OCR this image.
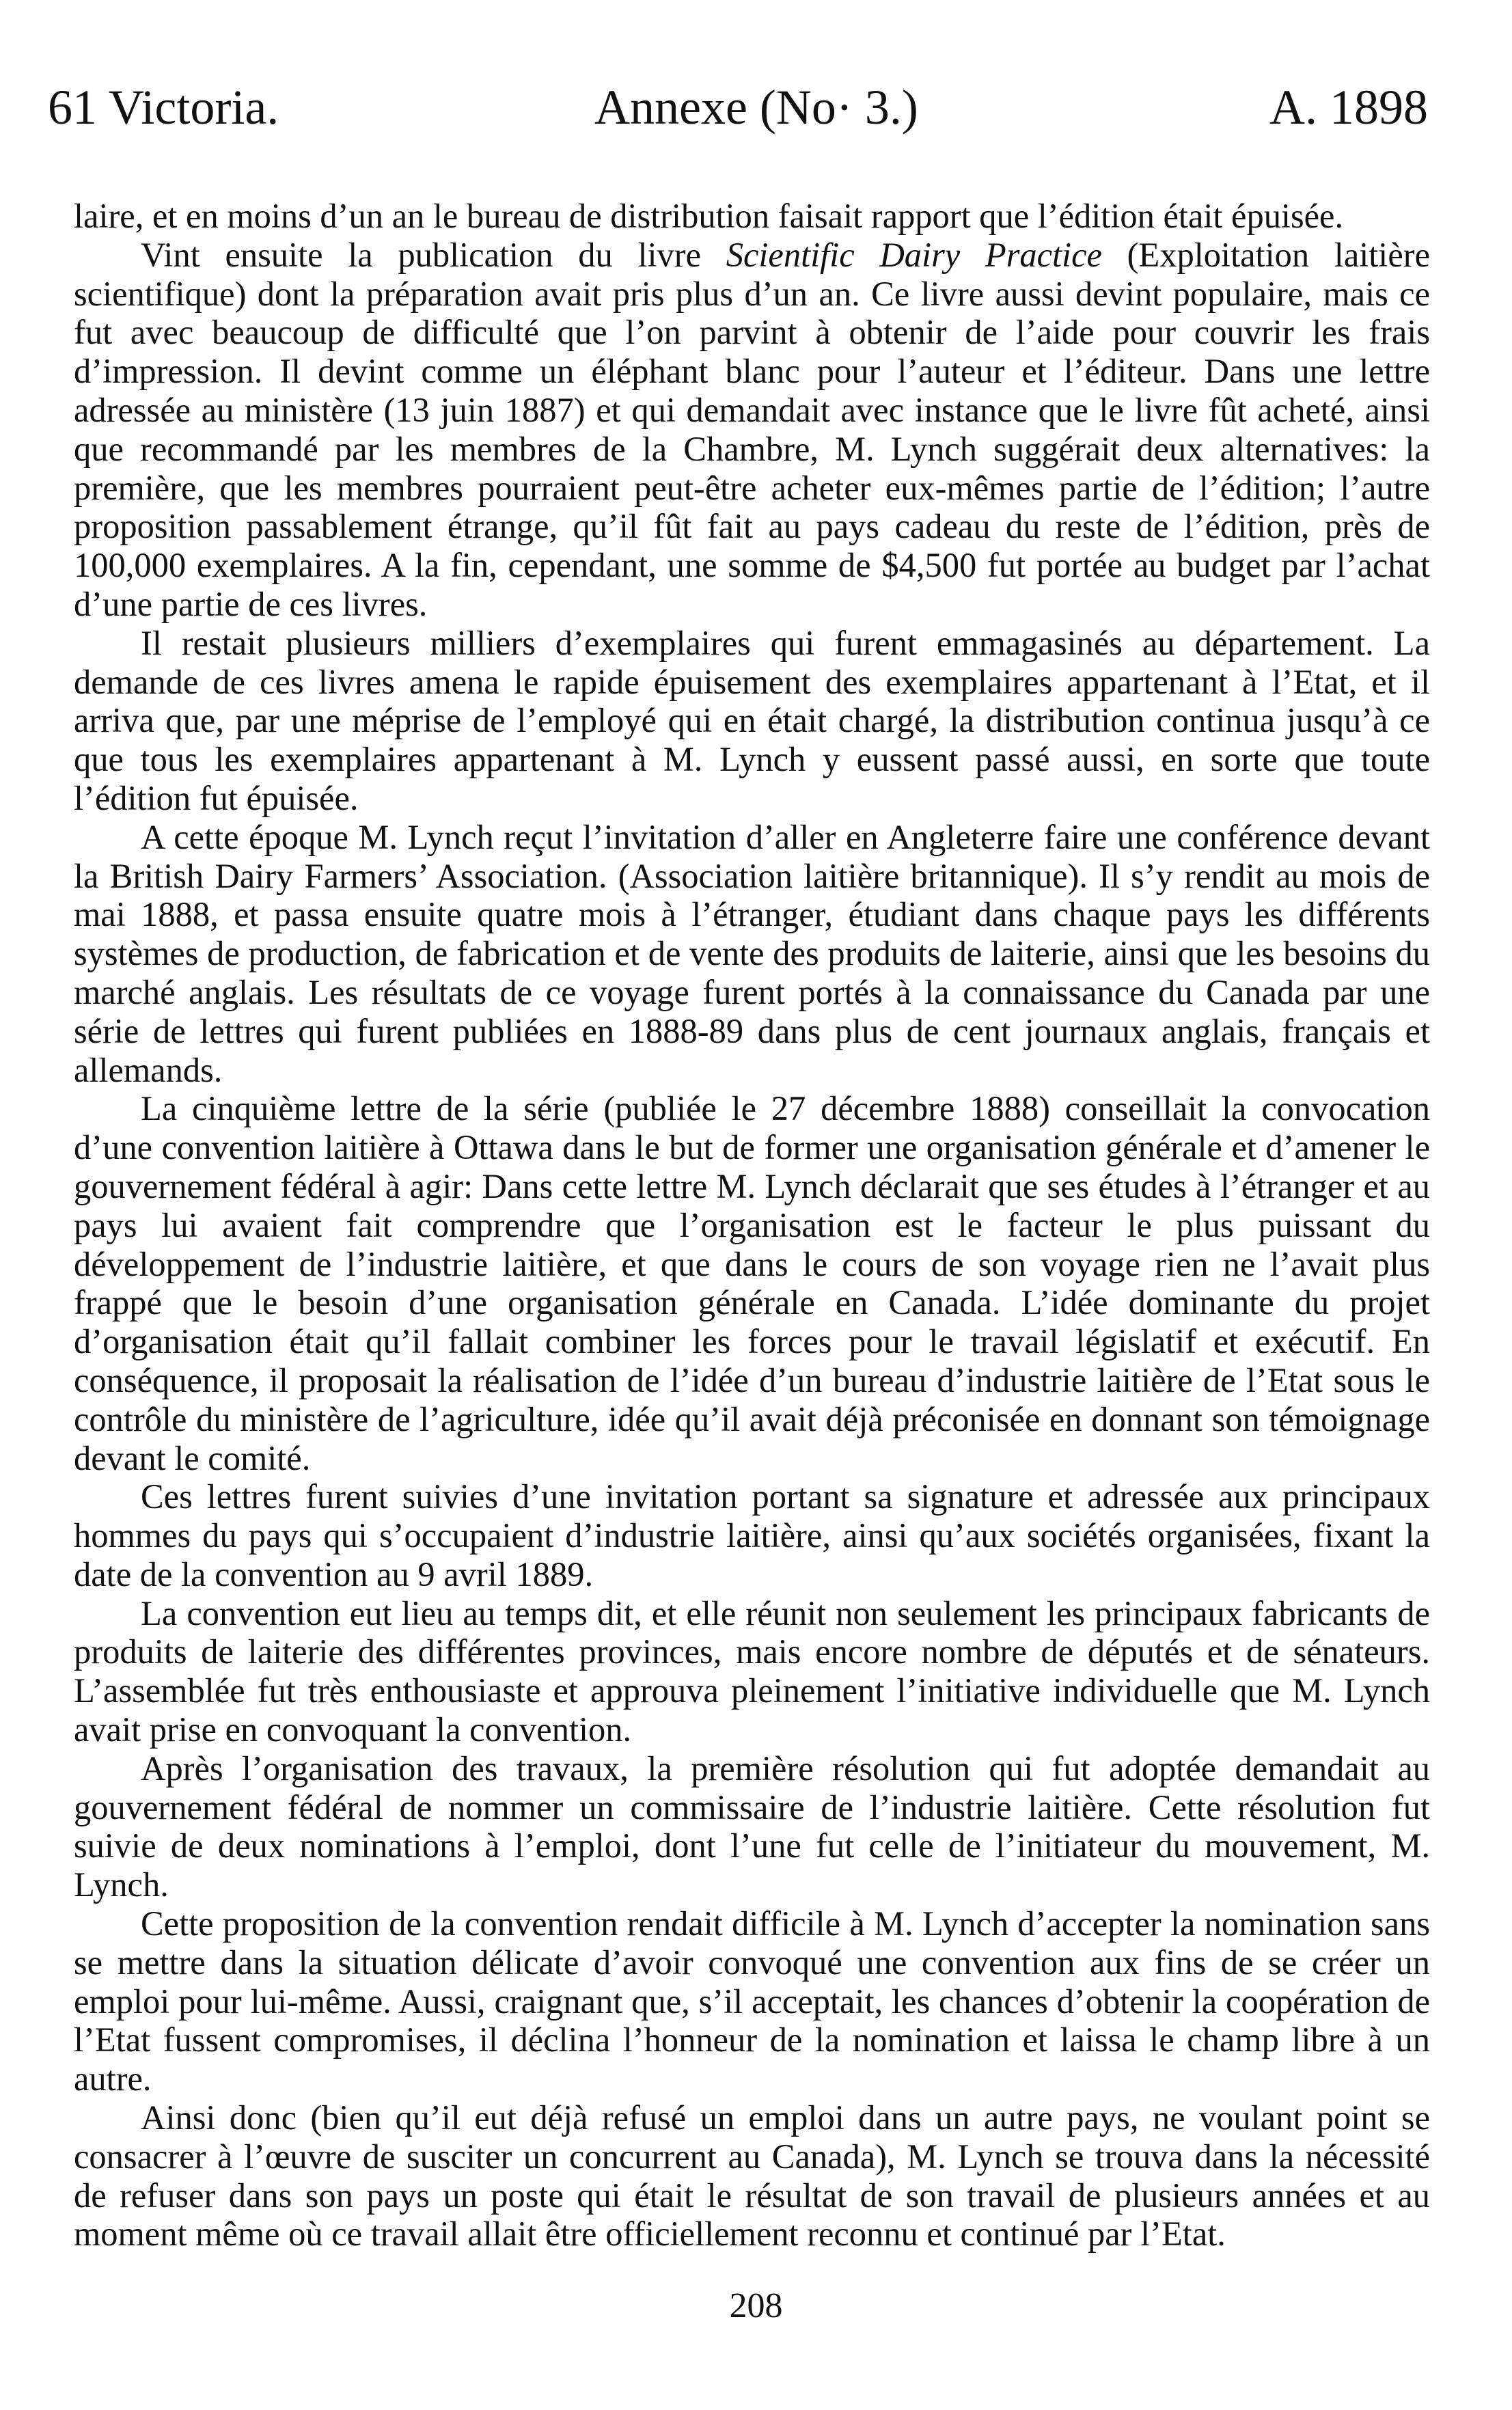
61 Victoria.	Annexe (No· 3.)	A. 1898

laire, et en moins d’un an le bureau de distribution faisait rapport que l’édition était épuisée.

Vint ensuite la publication du livre Scientific Dairy Practice (Exploitation laitière scientifique) dont la préparation avait pris plus d’un an. Ce livre aussi devint populaire, mais ce fut avec beaucoup de difficulté que l’on parvint à obtenir de l’aide pour couvrir les frais d’impression. Il devint comme un éléphant blanc pour l’auteur et l’éditeur. Dans une lettre adressée au ministère (13 juin 1887) et qui demandait avec instance que le livre fût acheté, ainsi que recommandé par les membres de la Chambre, M. Lynch suggérait deux alternatives: la première, que les membres pourraient peut-être acheter eux-mêmes partie de l’édition; l’autre proposition passablement étrange, qu’il fût fait au pays cadeau du reste de l’édition, près de 100,000 exemplaires. A la fin, cependant, une somme de $4,500 fut portée au budget par l’achat d’une partie de ces livres.

Il restait plusieurs milliers d’exemplaires qui furent emmagasinés au département. La demande de ces livres amena le rapide épuisement des exemplaires appartenant à l’Etat, et il arriva que, par une méprise de l’employé qui en était chargé, la distribution continua jusqu’à ce que tous les exemplaires appartenant à M. Lynch y eussent passé aussi, en sorte que toute l’édition fut épuisée.

A cette époque M. Lynch reçut l’invitation d’aller en Angleterre faire une conférence devant la British Dairy Farmers’ Association. (Association laitière britannique). Il s’y rendit au mois de mai 1888, et passa ensuite quatre mois à l’étranger, étudiant dans chaque pays les différents systèmes de production, de fabrication et de vente des produits de laiterie, ainsi que les besoins du marché anglais. Les résultats de ce voyage furent portés à la connaissance du Canada par une série de lettres qui furent publiées en 1888-89 dans plus de cent journaux anglais, français et allemands.

La cinquième lettre de la série (publiée le 27 décembre 1888) conseillait la convocation d’une convention laitière à Ottawa dans le but de former une organisation générale et d’amener le gouvernement fédéral à agir: Dans cette lettre M. Lynch déclarait que ses études à l’étranger et au pays lui avaient fait comprendre que l’organisation est le facteur le plus puissant du développement de l’industrie laitière, et que dans le cours de son voyage rien ne l’avait plus frappé que le besoin d’une organisation générale en Canada. L’idée dominante du projet d’organisation était qu’il fallait combiner les forces pour le travail législatif et exécutif. En conséquence, il proposait la réalisation de l’idée d’un bureau d’industrie laitière de l’Etat sous le contrôle du ministère de l’agriculture, idée qu’il avait déjà préconisée en donnant son témoignage devant le comité.

Ces lettres furent suivies d’une invitation portant sa signature et adressée aux principaux hommes du pays qui s’occupaient d’industrie laitière, ainsi qu’aux sociétés organisées, fixant la date de la convention au 9 avril 1889.

La convention eut lieu au temps dit, et elle réunit non seulement les principaux fabricants de produits de laiterie des différentes provinces, mais encore nombre de députés et de sénateurs. L’assemblée fut très enthousiaste et approuva pleinement l’initiative individuelle que M. Lynch avait prise en convoquant la convention.

Après l’organisation des travaux, la première résolution qui fut adoptée demandait au gouvernement fédéral de nommer un commissaire de l’industrie laitière. Cette résolution fut suivie de deux nominations à l’emploi, dont l’une fut celle de l’initiateur du mouvement, M. Lynch.

Cette proposition de la convention rendait difficile à M. Lynch d’accepter la nomination sans se mettre dans la situation délicate d’avoir convoqué une convention aux fins de se créer un emploi pour lui-même. Aussi, craignant que, s’il acceptait, les chances d’obtenir la coopération de l’Etat fussent compromises, il déclina l’honneur de la nomination et laissa le champ libre à un autre.

Ainsi donc (bien qu’il eut déjà refusé un emploi dans un autre pays, ne voulant point se consacrer à l’œuvre de susciter un concurrent au Canada), M. Lynch se trouva dans la nécessité de refuser dans son pays un poste qui était le résultat de son travail de plusieurs années et au moment même où ce travail allait être officiellement reconnu et continué par l’Etat.

208
